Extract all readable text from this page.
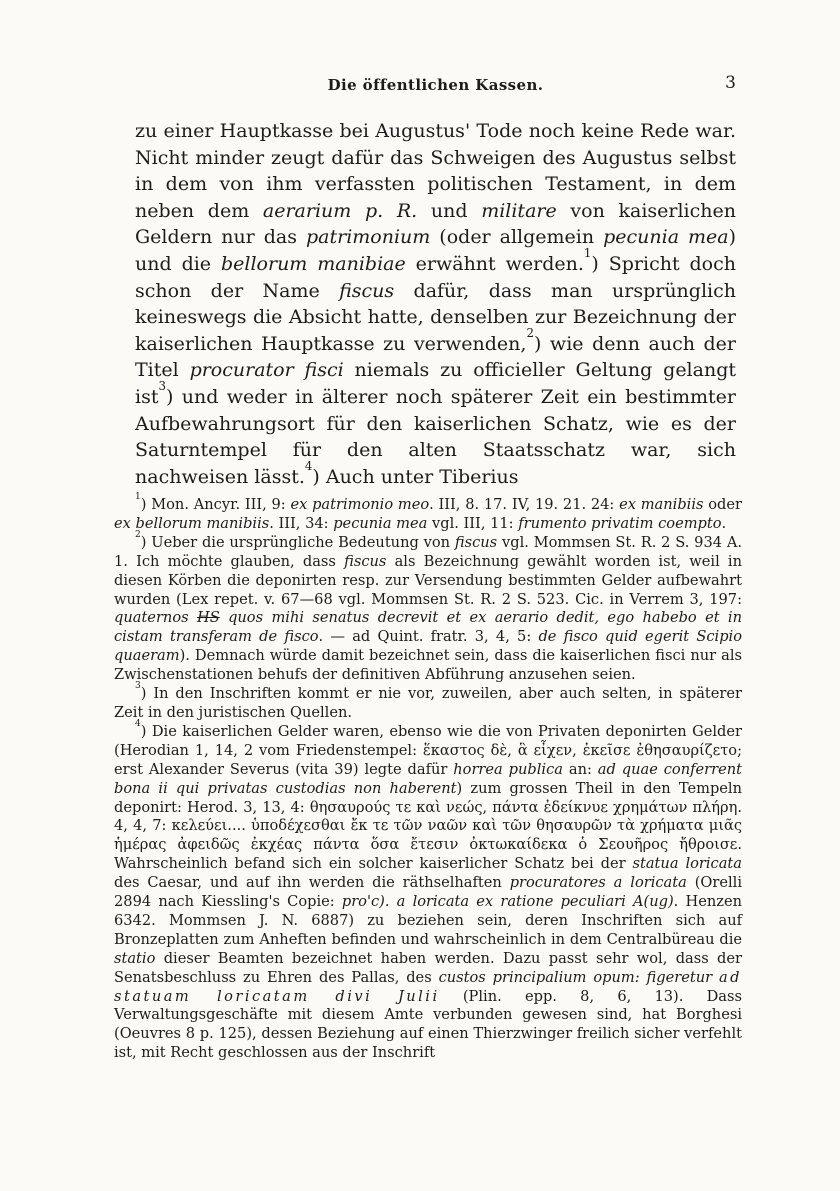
Die öffentlichen Kassen.	3
zu einer Hauptkasse bei Augustus' Tode noch keine Rede war. Nicht minder zeugt dafür das Schweigen des Augustus selbst in dem von ihm verfassten politischen Testament, in dem neben dem aerarium p. R. und militare von kaiserlichen Geldern nur das patrimonium (oder allgemein pecunia mea) und die bellorum manibiae erwähnt werden.$^1$) Spricht doch schon der Name fiscus dafür, dass man ursprünglich keineswegs die Absicht hatte, denselben zur Bezeichnung der kaiserlichen Hauptkasse zu verwenden,$^2$) wie denn auch der Titel procurator fisci niemals zu officieller Geltung gelangt ist$^3$) und weder in älterer noch späterer Zeit ein bestimmter Aufbewahrungsort für den kaiserlichen Schatz, wie es der Saturntempel für den alten Staatsschatz war, sich nachweisen lässt.$^4$) Auch unter Tiberius

$^1$) Mon. Ancyr. III, 9: ex patrimonio meo. III, 8. 17. IV, 19. 21. 24: ex manibiis oder ex bellorum manibiis. III, 34: pecunia mea vgl. III, 11: frumento privatim coempto.

$^2$) Ueber die ursprüngliche Bedeutung von fiscus vgl. Mommsen St. R. 2 S. 934 A. 1. Ich möchte glauben, dass fiscus als Bezeichnung gewählt worden ist, weil in diesen Körben die deponirten resp. zur Versendung bestimmten Gelder aufbewahrt wurden (Lex repet. v. 67—68 vgl. Mommsen St. R. 2 S. 523. Cic. in Verrem 3, 197: quaternos HS quos mihi senatus decrevit et ex aerario dedit, ego habebo et in cistam transferam de fisco. — ad Quint. fratr. 3, 4, 5: de fisco quid egerit Scipio quaeram). Demnach würde damit bezeichnet sein, dass die kaiserlichen fisci nur als Zwischenstationen behufs der definitiven Abführung anzusehen seien.

$^3$) In den Inschriften kommt er nie vor, zuweilen, aber auch selten, in späterer Zeit in den juristischen Quellen.

$^4$) Die kaiserlichen Gelder waren, ebenso wie die von Privaten deponirten Gelder (Herodian 1, 14, 2 vom Friedenstempel: ἕκαστος δὲ, ἃ εἶχεν, ἐκεῖσε ἐθησαυρίζετο; erst Alexander Severus (vita 39) legte dafür horrea publica an: ad quae conferrent bona ii qui privatas custodias non haberent) zum grossen Theil in den Tempeln deponirt: Herod. 3, 13, 4: θησαυρούς τε καὶ νεώς, πάντα ἐδείκνυε χρημάτων πλήρη. 4, 4, 7: κελεύει.... ὑποδέχεσθαι ἔκ τε τῶν ναῶν καὶ τῶν θησαυρῶν τὰ χρήματα μιᾶς ἡμέρας ἀφειδῶς ἐκχέας πάντα ὅσα ἔτεσιν ὀκτωκαίδεκα ὁ Σεουῆρος ἤθροισε. Wahrscheinlich befand sich ein solcher kaiserlicher Schatz bei der statua loricata des Caesar, und auf ihn werden die räthselhaften procuratores a loricata (Orelli 2894 nach Kiessling's Copie: pro'c). a loricata ex ratione peculiari A(ug). Henzen 6342. Mommsen J. N. 6887) zu beziehen sein, deren Inschriften sich auf Bronzeplatten zum Anheften befinden und wahrscheinlich in dem Centralbüreau die statio dieser Beamten bezeichnet haben werden. Dazu passt sehr wol, dass der Senatsbeschluss zu Ehren des Pallas, des custos principalium opum: figeretur ad statuam loricatam divi Julii (Plin. epp. 8, 6, 13). Dass Verwaltungsgeschäfte mit diesem Amte verbunden gewesen sind, hat Borghesi (Oeuvres 8 p. 125), dessen Beziehung auf einen Thierzwinger freilich sicher verfehlt ist, mit Recht geschlossen aus der Inschrift
